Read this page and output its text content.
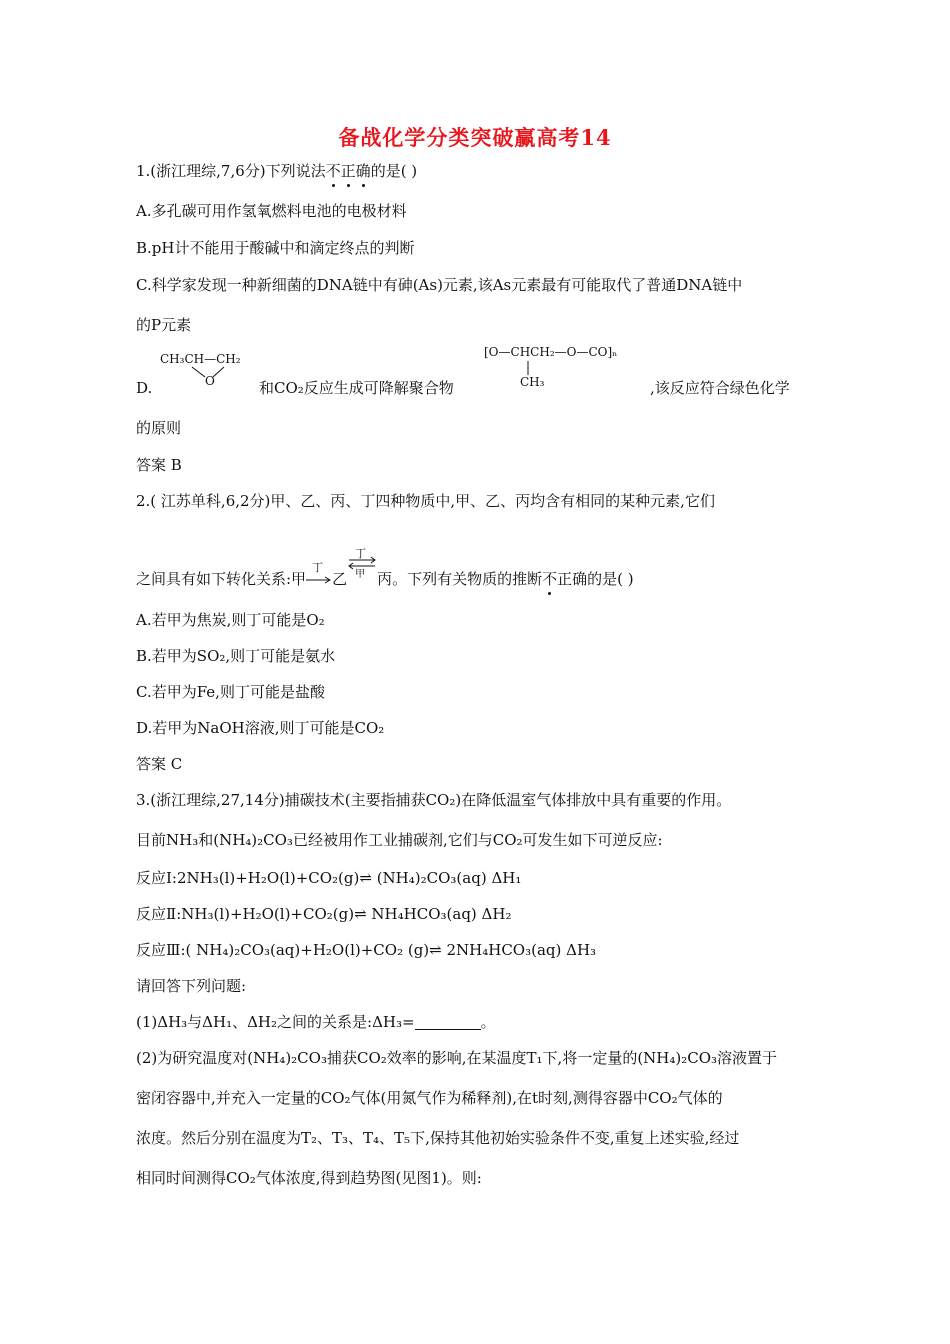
备战化学分类突破赢高考14
1.(浙江理综,7,6分)下列说法不正确的是( )
A.多孔碳可用作氢氧燃料电池的电极材料
B.pH计不能用于酸碱中和滴定终点的判断
C.科学家发现一种新细菌的DNA链中有砷(As)元素,该As元素最有可能取代了普通DNA链中
的P元素
CH₃CH—CH₂
O
[O—CHCH₂—O—CO]ₙ
CH₃
D.	和CO₂反应生成可降解聚合物	,该反应符合绿色化学
的原则
答案 B
2.( 江苏单科,6,2分)甲、乙、丙、丁四种物质中,甲、乙、丙均含有相同的某种元素,它们
之间具有如下转化关系:甲
丁
乙
丁
甲 丙。下列有关物质的推断不正确的是( )
A.若甲为焦炭,则丁可能是O₂
B.若甲为SO₂,则丁可能是氨水
C.若甲为Fe,则丁可能是盐酸
D.若甲为NaOH溶液,则丁可能是CO₂
答案 C
3.(浙江理综,27,14分)捕碳技术(主要指捕获CO₂)在降低温室气体排放中具有重要的作用。
目前NH₃和(NH₄)₂CO₃已经被用作工业捕碳剂,它们与CO₂可发生如下可逆反应:
反应Ⅰ:2NH₃(l)+H₂O(l)+CO₂(g)⇌ (NH₄)₂CO₃(aq) ΔH₁
反应Ⅱ:NH₃(l)+H₂O(l)+CO₂(g)⇌ NH₄HCO₃(aq) ΔH₂
反应Ⅲ:( NH₄)₂CO₃(aq)+H₂O(l)+CO₂ (g)⇌ 2NH₄HCO₃(aq) ΔH₃
请回答下列问题:
(1)ΔH₃与ΔH₁、ΔH₂之间的关系是:ΔH₃=	。
(2)为研究温度对(NH₄)₂CO₃捕获CO₂效率的影响,在某温度T₁下,将一定量的(NH₄)₂CO₃溶液置于
密闭容器中,并充入一定量的CO₂气体(用氮气作为稀释剂),在t时刻,测得容器中CO₂气体的
浓度。然后分别在温度为T₂、T₃、T₄、T₅下,保持其他初始实验条件不变,重复上述实验,经过
相同时间测得CO₂气体浓度,得到趋势图(见图1)。则:
